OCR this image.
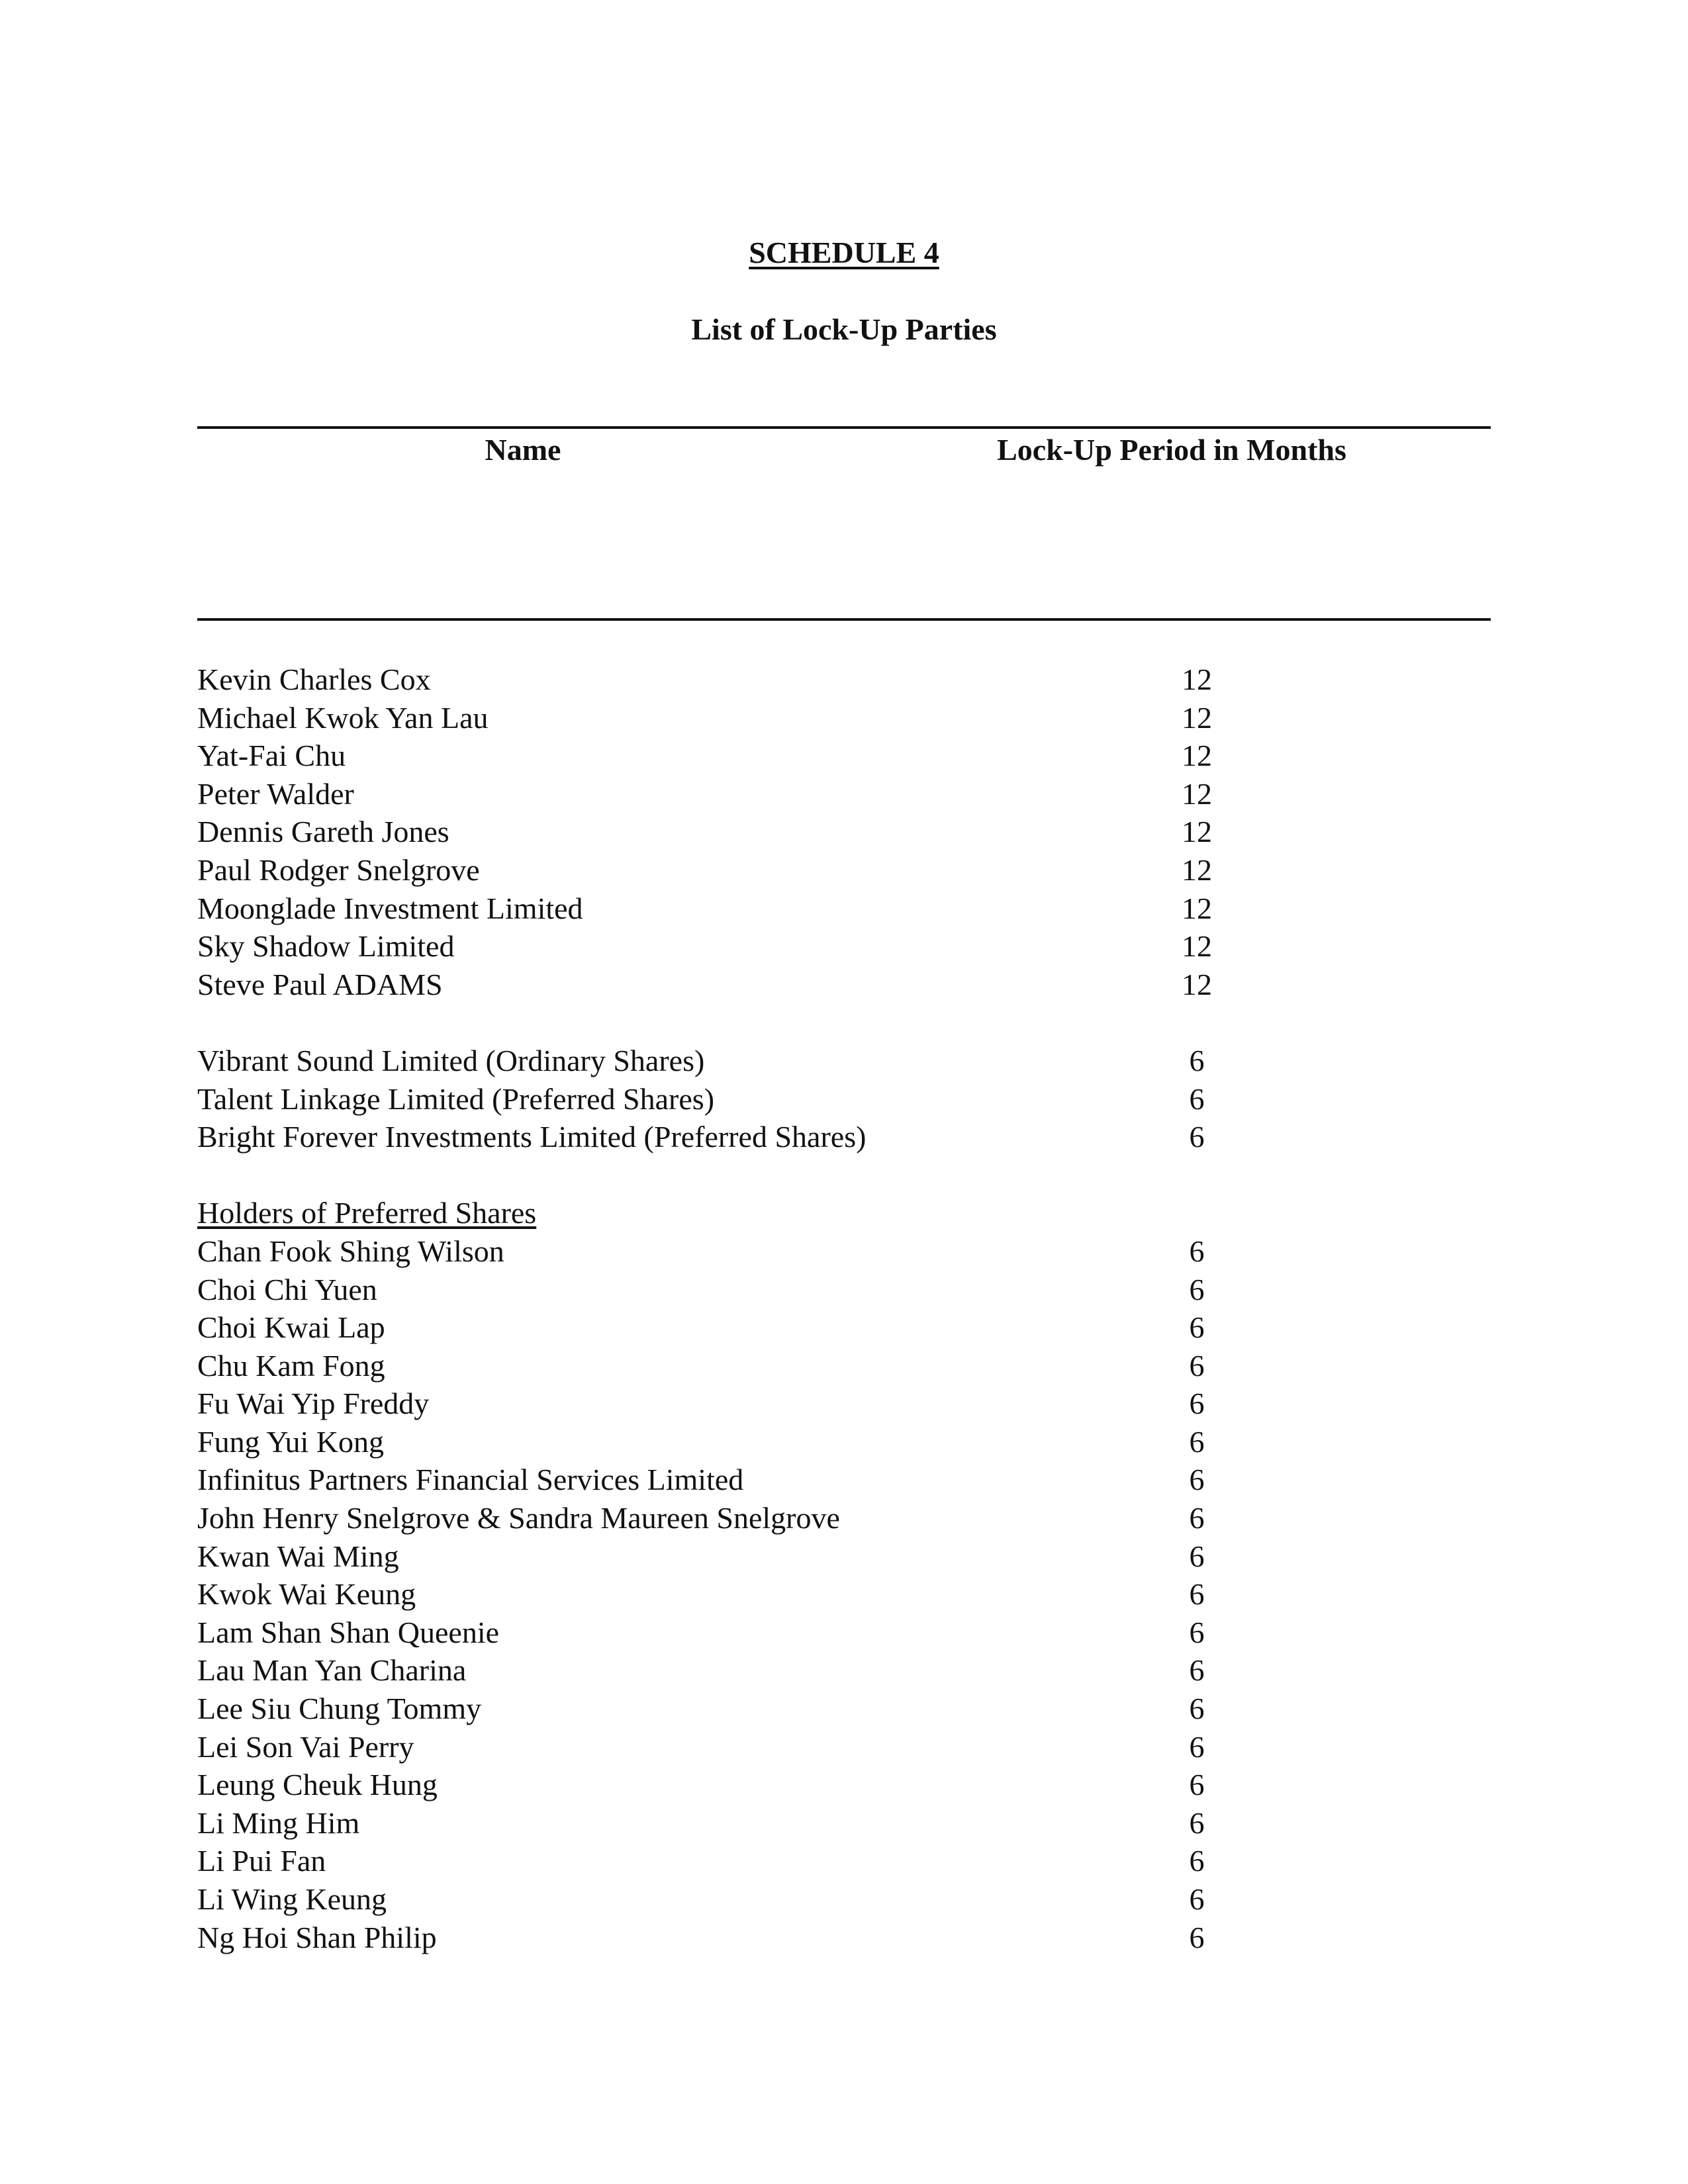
SCHEDULE 4
List of Lock-Up Parties
Name	Lock-Up Period in Months
Kevin Charles Cox	12
Michael Kwok Yan Lau	12
Yat-Fai Chu	12
Peter Walder	12
Dennis Gareth Jones	12
Paul Rodger Snelgrove	12
Moonglade Investment Limited	12
Sky Shadow Limited	12
Steve Paul ADAMS	12
Vibrant Sound Limited (Ordinary Shares)	6
Talent Linkage Limited (Preferred Shares)	6
Bright Forever Investments Limited (Preferred Shares)	6
Holders of Preferred Shares
Chan Fook Shing Wilson	6
Choi Chi Yuen	6
Choi Kwai Lap	6
Chu Kam Fong	6
Fu Wai Yip Freddy	6
Fung Yui Kong	6
Infinitus Partners Financial Services Limited	6
John Henry Snelgrove & Sandra Maureen Snelgrove	6
Kwan Wai Ming	6
Kwok Wai Keung	6
Lam Shan Shan Queenie	6
Lau Man Yan Charina	6
Lee Siu Chung Tommy	6
Lei Son Vai Perry	6
Leung Cheuk Hung	6
Li Ming Him	6
Li Pui Fan	6
Li Wing Keung	6
Ng Hoi Shan Philip	6
